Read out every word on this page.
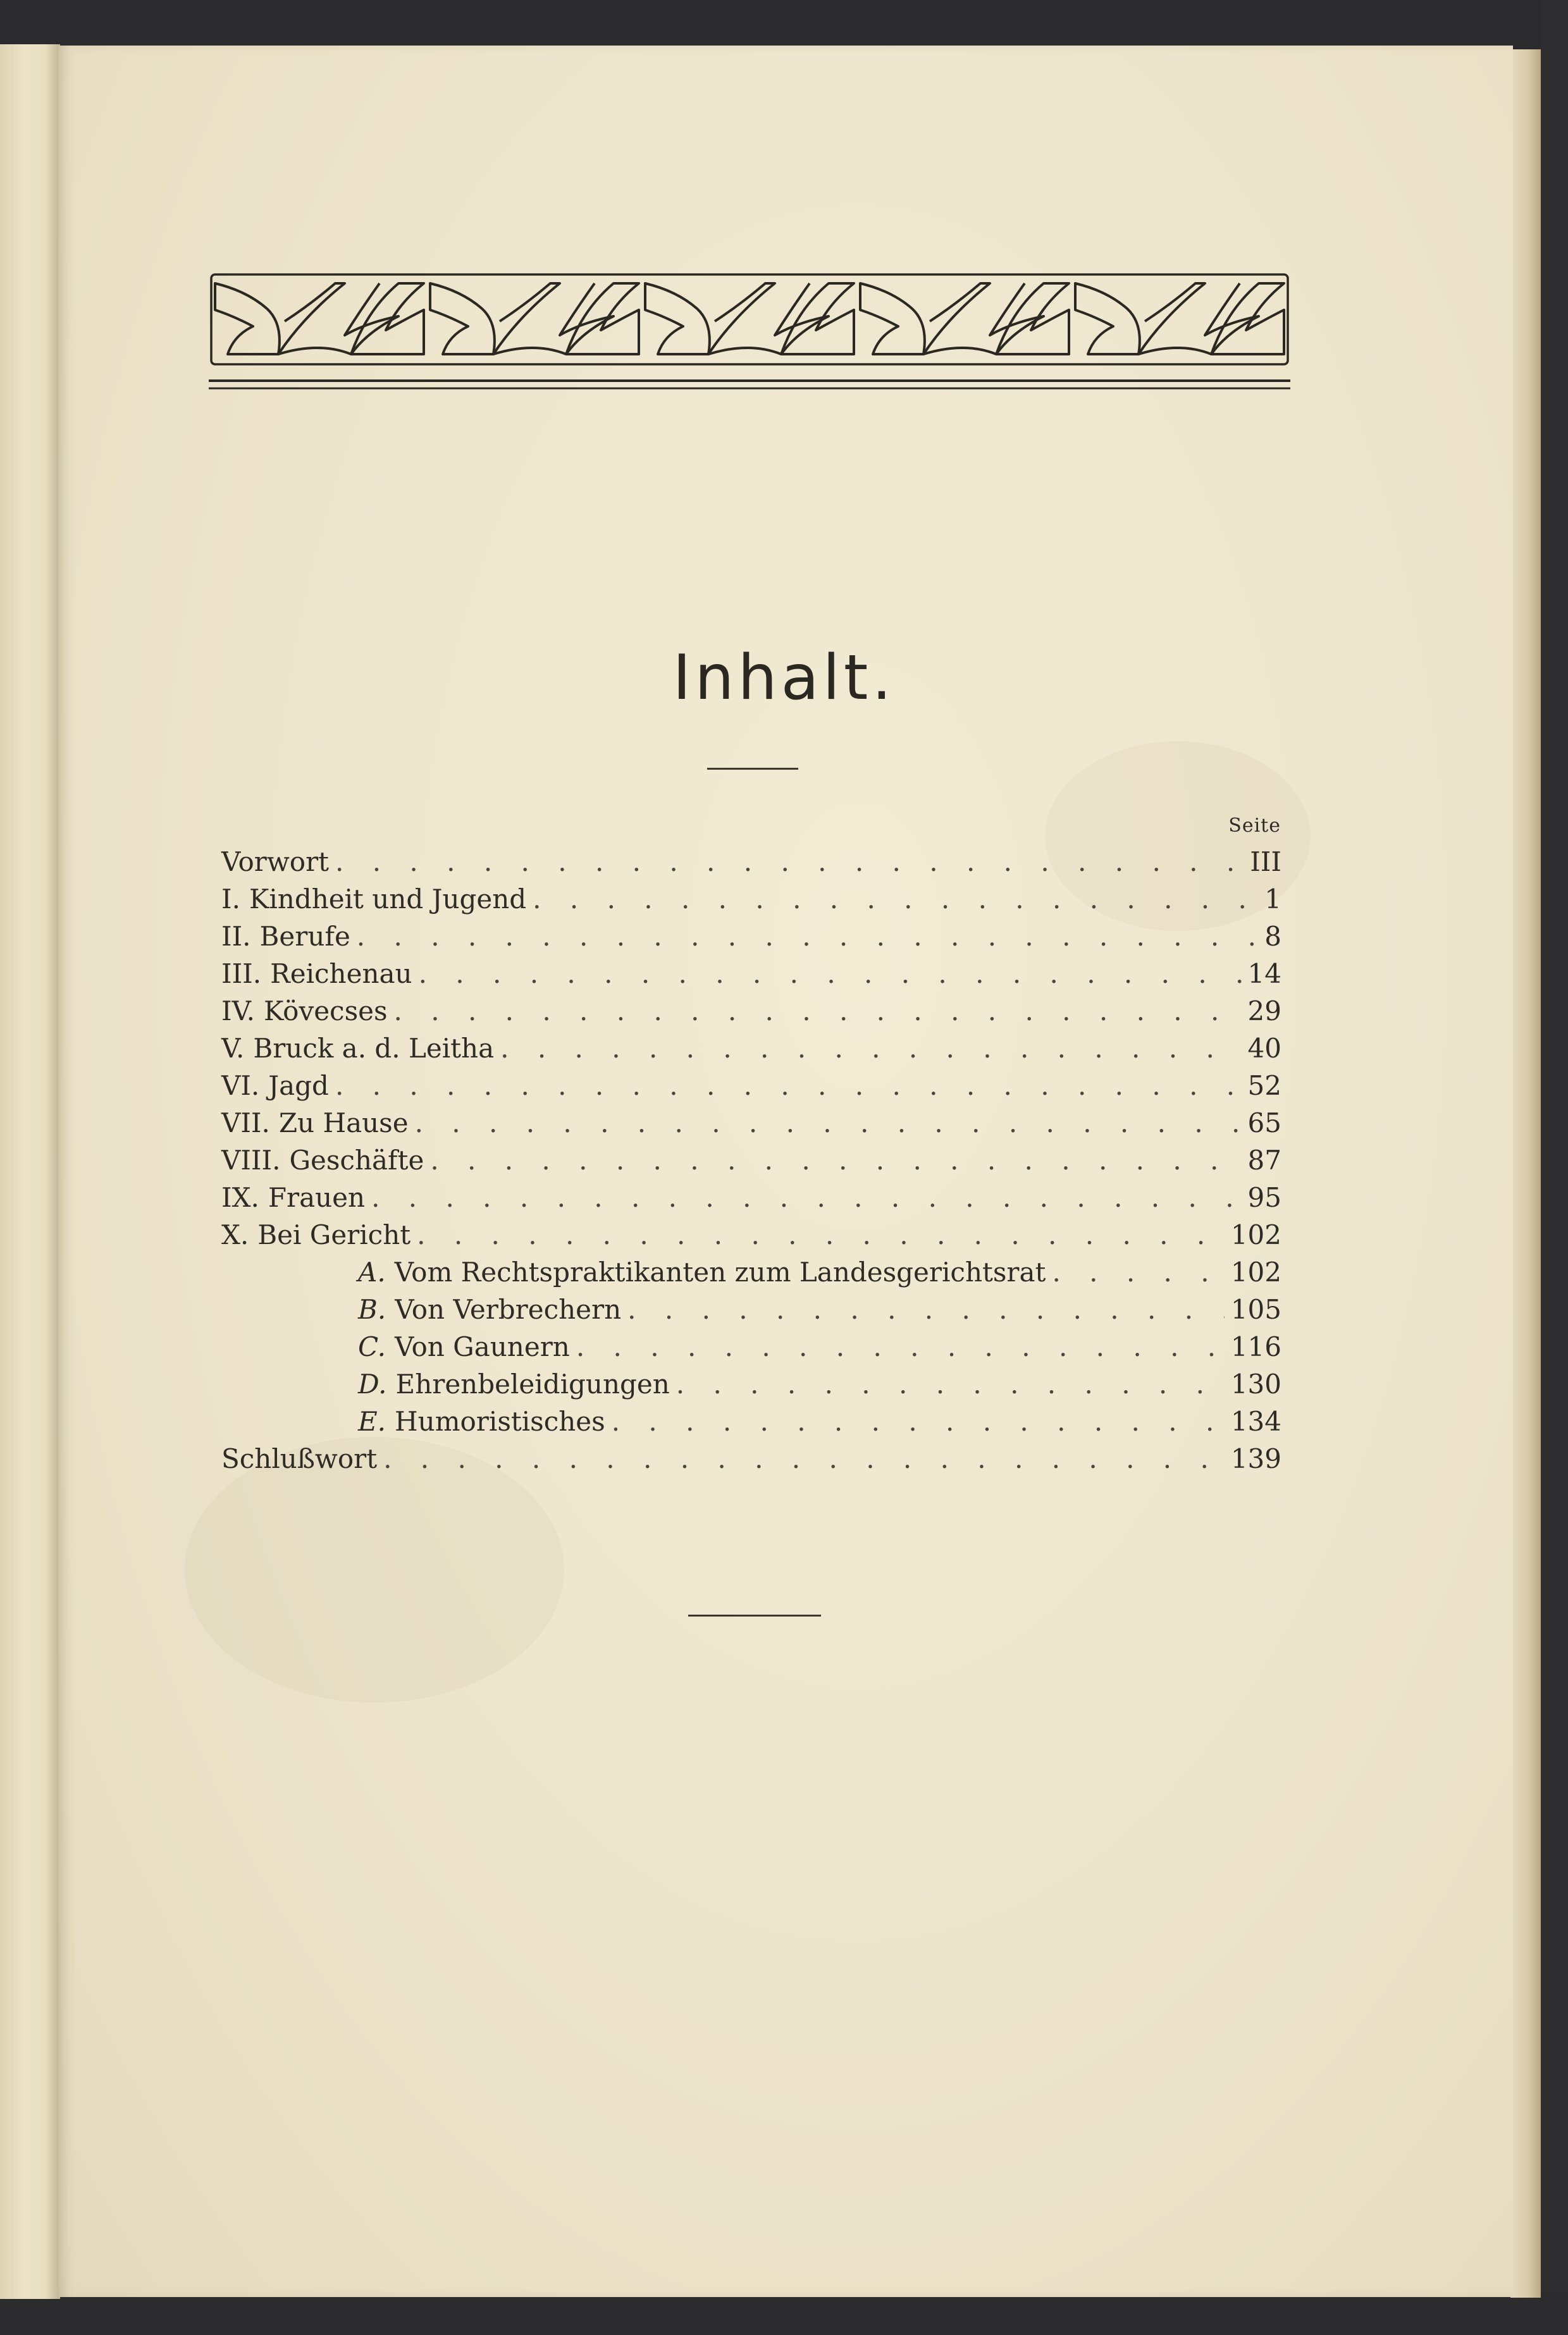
Inhalt.
Seite
Vorwort . . .	III
I. Kindheit und Jugend . . .	1
II. Berufe . . .	8
III. Reichenau . . .	14
IV. Kövecses . . .	29
V. Bruck a. d. Leitha . . .	40
VI. Jagd . . .	52
VII. Zu Hause . . .	65
VIII. Geschäfte . . .	87
IX. Frauen . . .	95
X. Bei Gericht . . .	102
A. Vom Rechtspraktikanten zum Landesgerichtsrat . . .	102
B. Von Verbrechern . . .	105
C. Von Gaunern . . .	116
D. Ehrenbeleidigungen . . .	130
E. Humoristisches . . .	134
Schlußwort . . .	139
